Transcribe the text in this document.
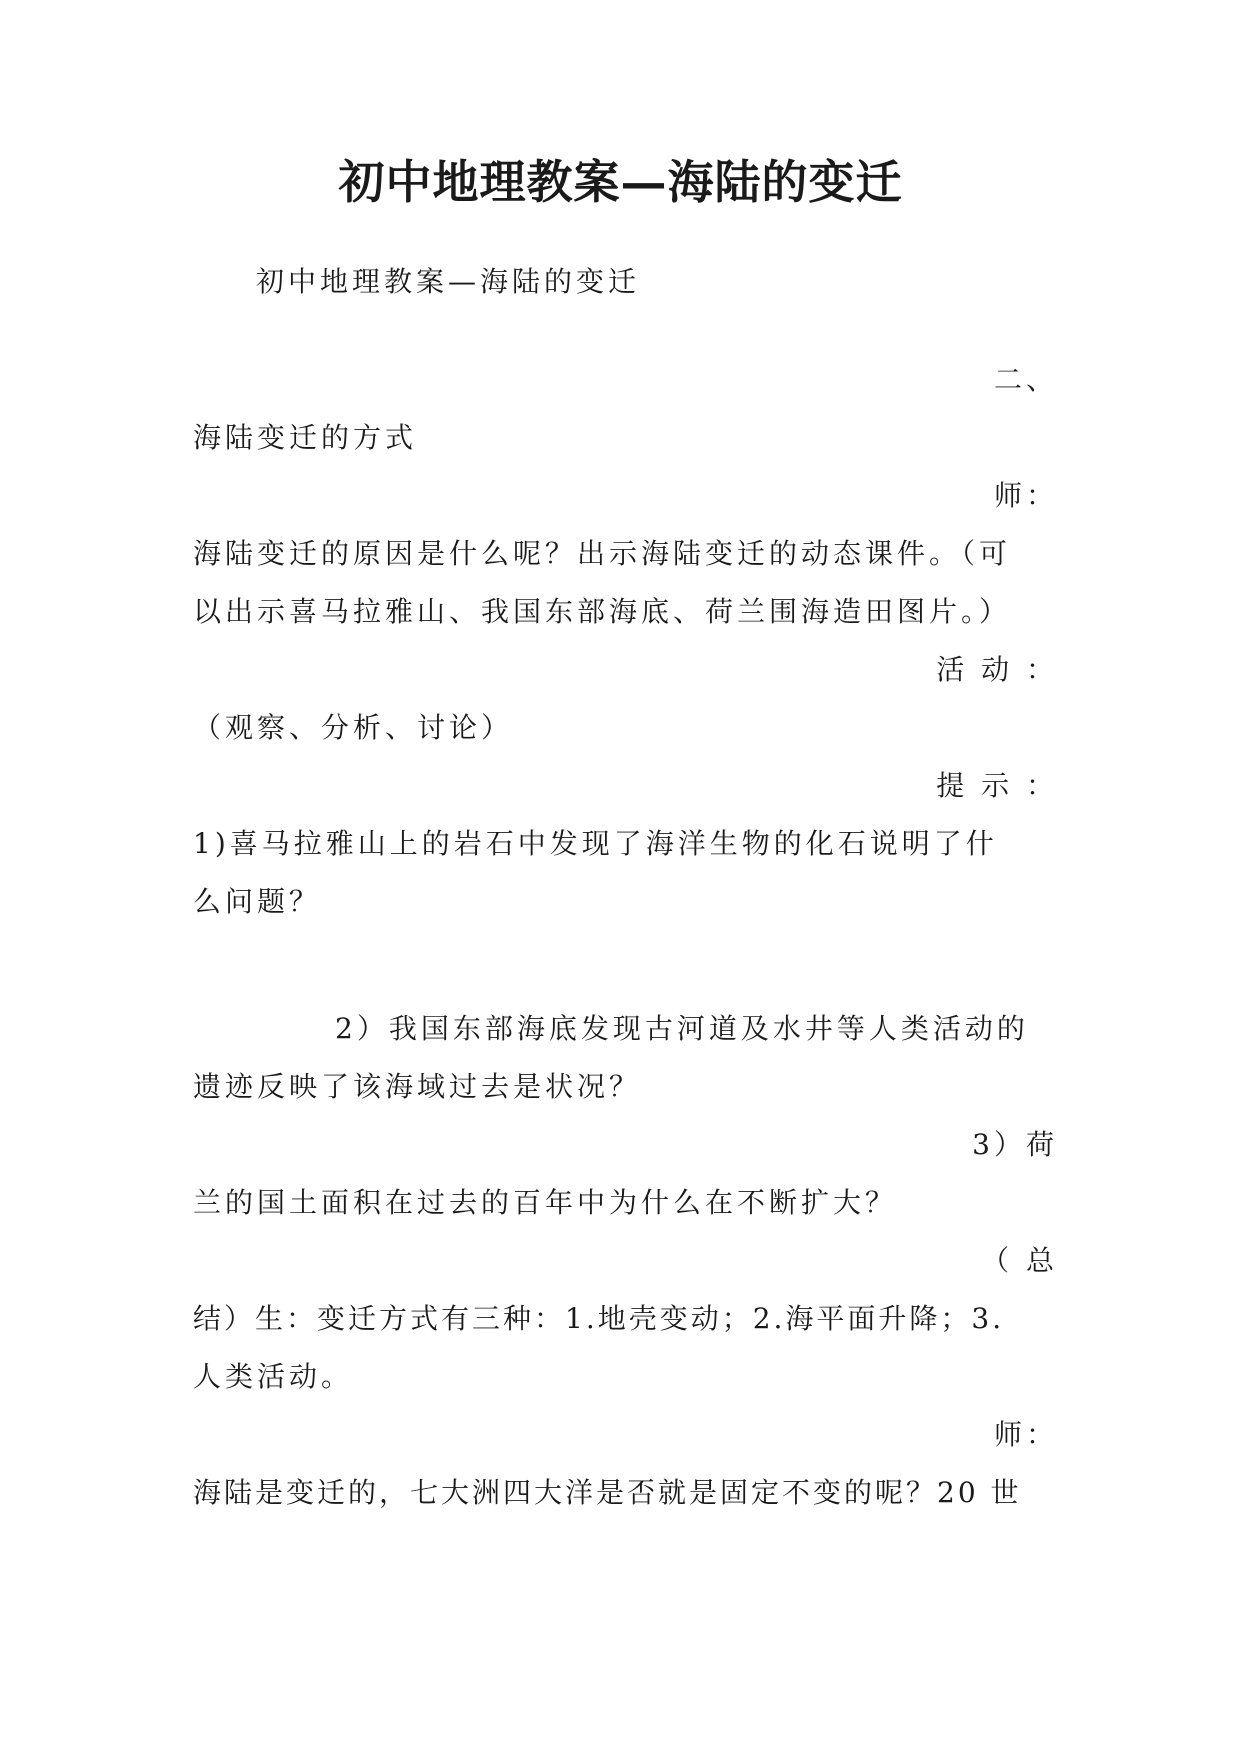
初中地理教案—海陆的变迁

初中地理教案—海陆的变迁

二、

海陆变迁的方式

师：

海陆变迁的原因是什么呢？出示海陆变迁的动态课件。（可

以出示喜马拉雅山、我国东部海底、荷兰围海造田图片。）

活 动 ：

（观察、分析、讨论）

提 示 ：

1)喜马拉雅山上的岩石中发现了海洋生物的化石说明了什

么问题？

2）我国东部海底发现古河道及水井等人类活动的

遗迹反映了该海域过去是状况？

3）荷

兰的国土面积在过去的百年中为什么在不断扩大？

（ 总

结）生：变迁方式有三种：1.地壳变动；2.海平面升降；3.

人类活动。

师：

海陆是变迁的，七大洲四大洋是否就是固定不变的呢？20 世
